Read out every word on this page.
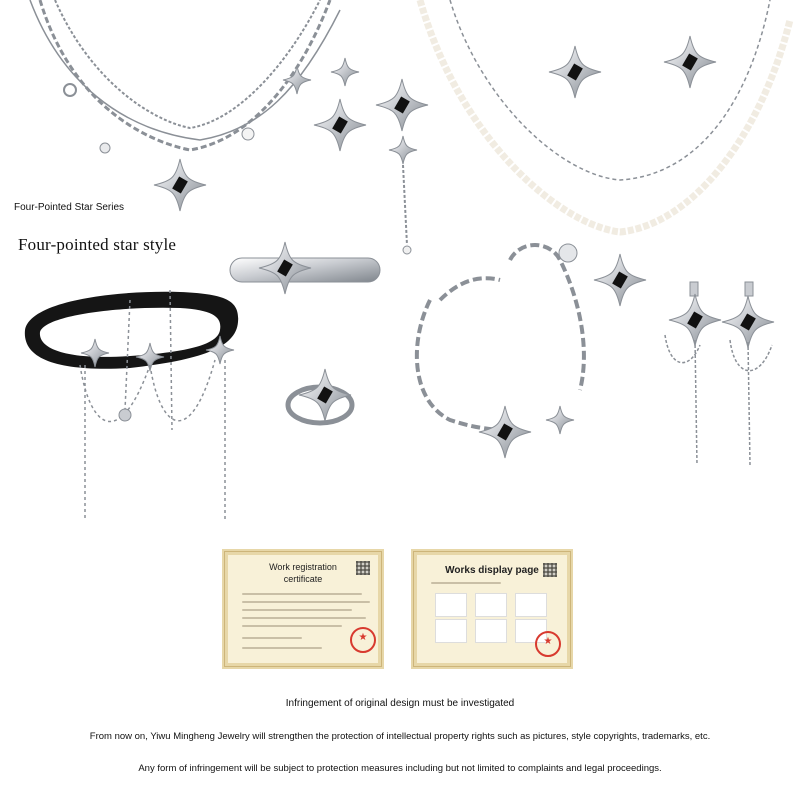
Four-Pointed Star Series
Four-pointed star style
Work registration
certificate
★
Works display page
★
Infringement of original design must be investigated
From now on, Yiwu Mingheng Jewelry will strengthen the protection of intellectual property rights such as pictures, style copyrights, trademarks, etc.
Any form of infringement will be subject to protection measures including but not limited to complaints and legal proceedings.
